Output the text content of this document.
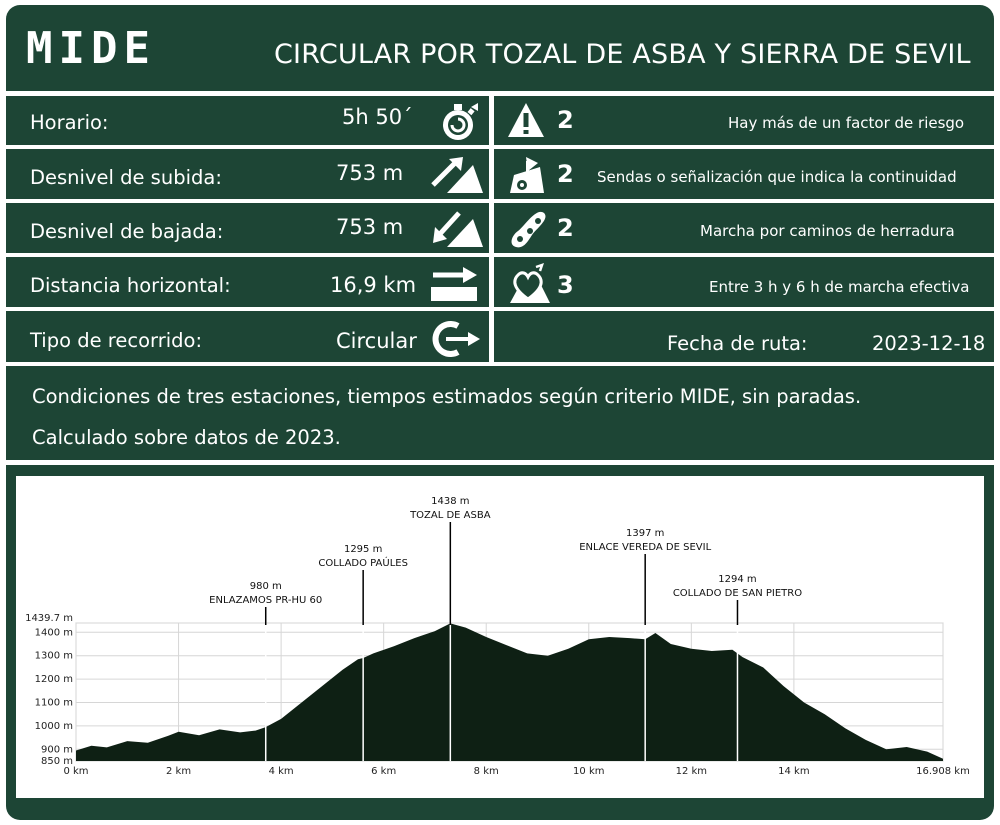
MIDE	CIRCULAR POR TOZAL DE ASBA Y SIERRA DE SEVIL
Horario:	5h 50´	2	Hay más de un factor de riesgo
Desnivel de subida:	753 m	2 Sendas o señalización que indica la continuidad
Desnivel de bajada:	753 m	2	Marcha por caminos de herradura
Distancia horizontal:	16,9 km	3	Entre 3 h y 6 h de marcha efectiva
Tipo de recorrido:	Circular	Fecha de ruta:	2023-12-18
Condiciones de tres estaciones, tiempos estimados según criterio MIDE, sin paradas.
Calculado sobre datos de 2023.
850 m
900 m
1000 m
1100 m
1200 m
1300 m
1400 m
1439.7 m
0 km	2 km	4 km	6 km	8 km	10 km	12 km	14 km	16.908 km
980 m
ENLAZAMOS PR-HU 60
1295 m
COLLADO PAÚLES
1438 m
TOZAL DE ASBA
1397 m
ENLACE VEREDA DE SEVIL
1294 m
COLLADO DE SAN PIETRO
